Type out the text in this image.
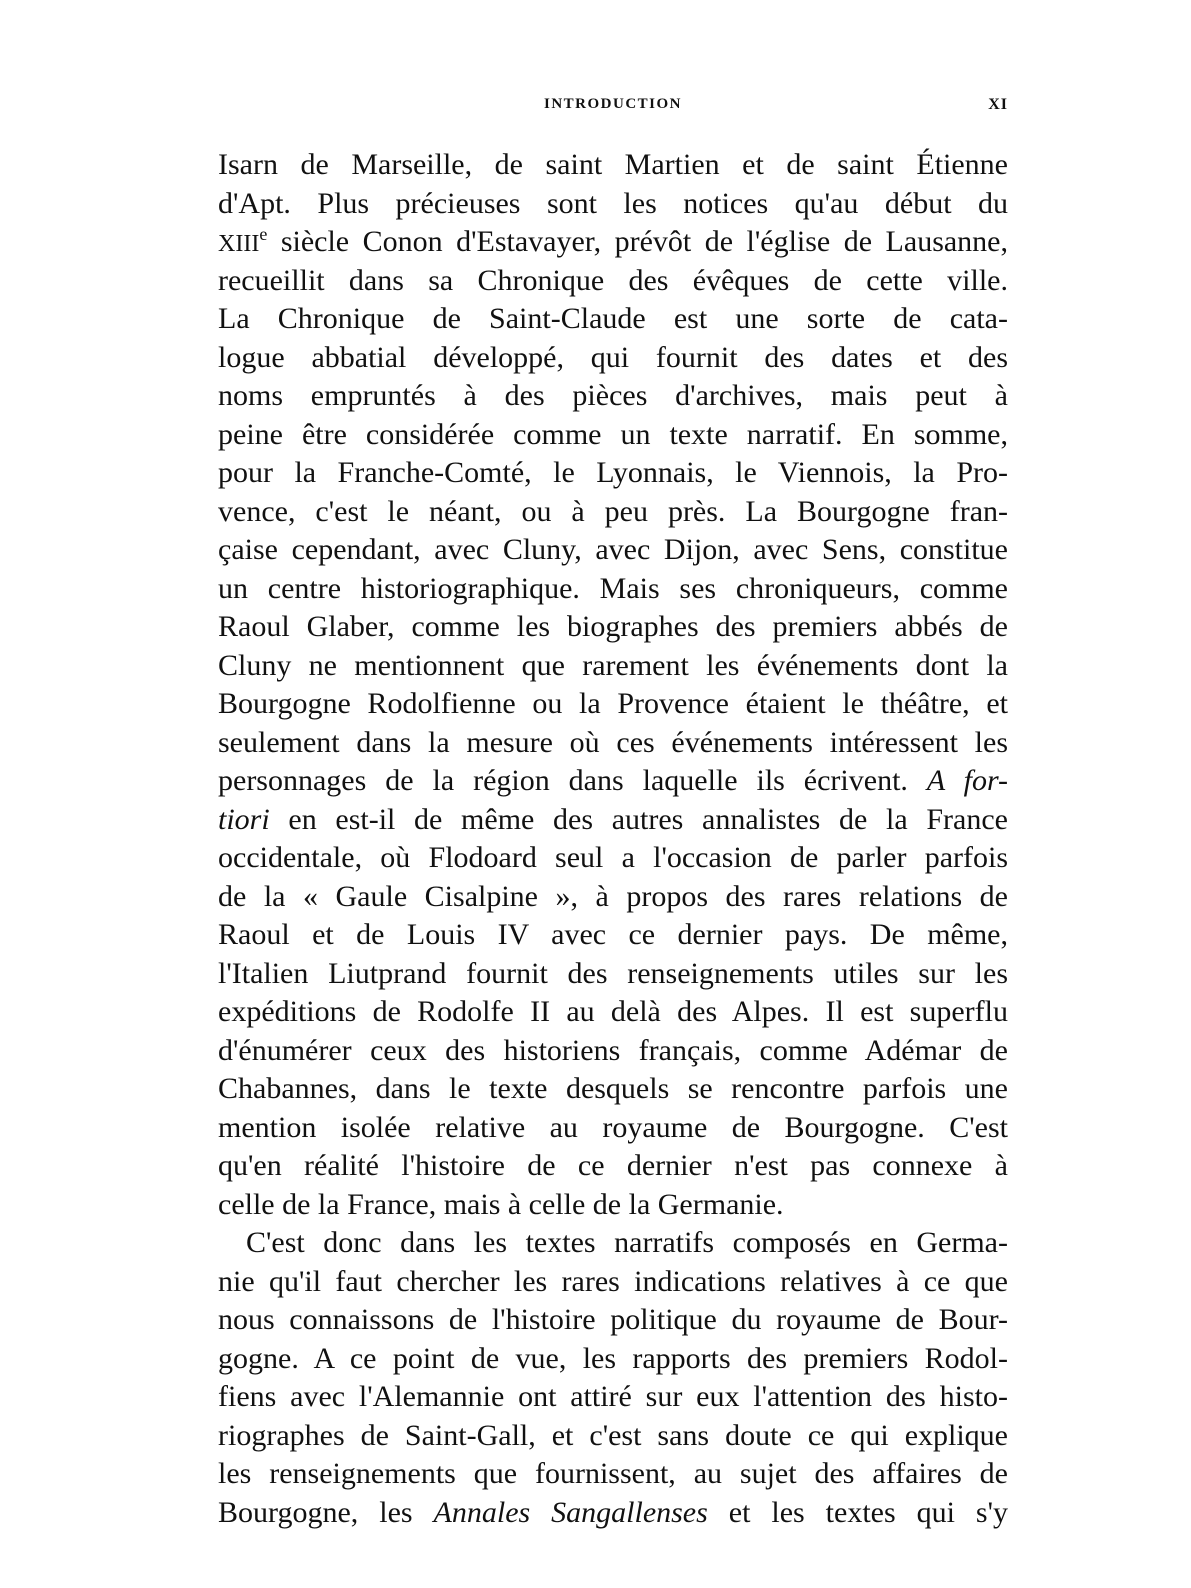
INTRODUCTION	XI
Isarn de Marseille, de saint Martien et de saint Étienne
d'Apt. Plus précieuses sont les notices qu'au début du
XIIIe siècle Conon d'Estavayer, prévôt de l'église de Lausanne,
recueillit dans sa Chronique des évêques de cette ville.
La Chronique de Saint-Claude est une sorte de cata-
logue abbatial développé, qui fournit des dates et des
noms empruntés à des pièces d'archives, mais peut à
peine être considérée comme un texte narratif. En somme,
pour la Franche-Comté, le Lyonnais, le Viennois, la Pro-
vence, c'est le néant, ou à peu près. La Bourgogne fran-
çaise cependant, avec Cluny, avec Dijon, avec Sens, constitue
un centre historiographique. Mais ses chroniqueurs, comme
Raoul Glaber, comme les biographes des premiers abbés de
Cluny ne mentionnent que rarement les événements dont la
Bourgogne Rodolfienne ou la Provence étaient le théâtre, et
seulement dans la mesure où ces événements intéressent les
personnages de la région dans laquelle ils écrivent. A for-
tiori en est-il de même des autres annalistes de la France
occidentale, où Flodoard seul a l'occasion de parler parfois
de la « Gaule Cisalpine », à propos des rares relations de
Raoul et de Louis IV avec ce dernier pays. De même,
l'Italien Liutprand fournit des renseignements utiles sur les
expéditions de Rodolfe II au delà des Alpes. Il est superflu
d'énumérer ceux des historiens français, comme Adémar de
Chabannes, dans le texte desquels se rencontre parfois une
mention isolée relative au royaume de Bourgogne. C'est
qu'en réalité l'histoire de ce dernier n'est pas connexe à
celle de la France, mais à celle de la Germanie.
C'est donc dans les textes narratifs composés en Germa-
nie qu'il faut chercher les rares indications relatives à ce que
nous connaissons de l'histoire politique du royaume de Bour-
gogne. A ce point de vue, les rapports des premiers Rodol-
fiens avec l'Alemannie ont attiré sur eux l'attention des histo-
riographes de Saint-Gall, et c'est sans doute ce qui explique
les renseignements que fournissent, au sujet des affaires de
Bourgogne, les Annales Sangallenses et les textes qui s'y
